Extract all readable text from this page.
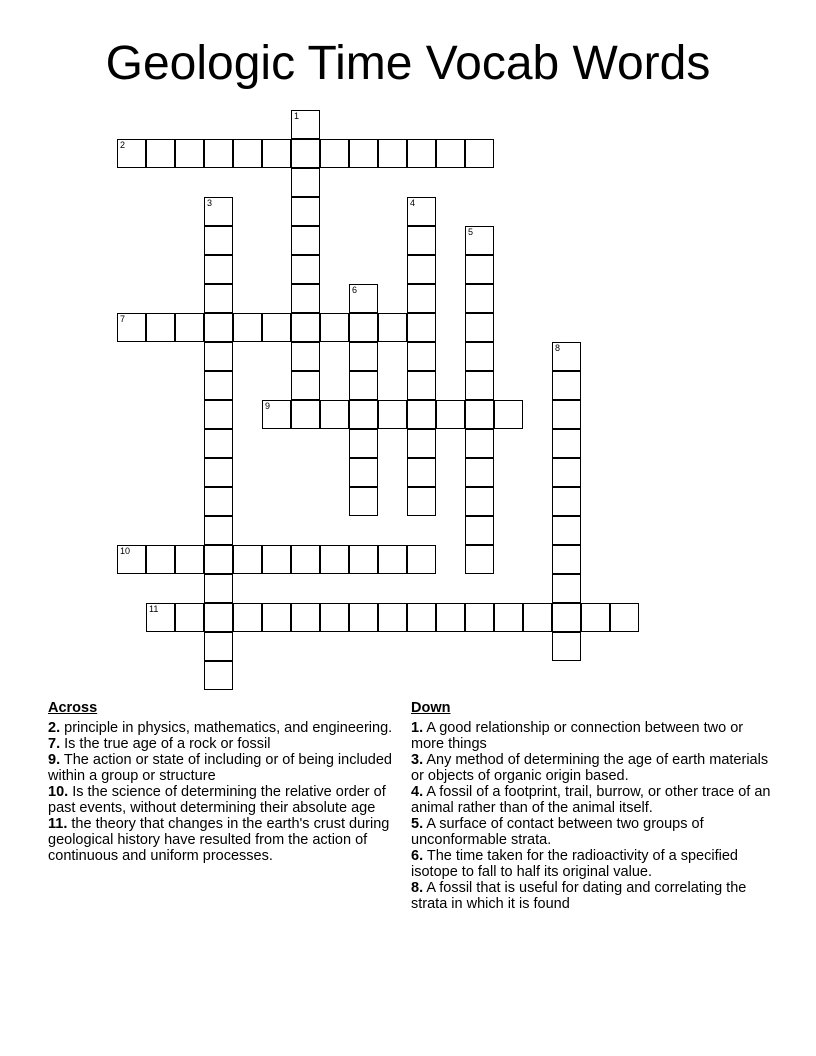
Geologic Time Vocab Words
1
2
3	4
5
6
7
8
9
10
11
Across
2. principle in physics, mathematics, and engineering.
7. Is the true age of a rock or fossil
9. The action or state of including or of being included within a group or structure
10. Is the science of determining the relative order of past events, without determining their absolute age
11. the theory that changes in the earth's crust during geological history have resulted from the action of continuous and uniform processes.
Down
1. A good relationship or connection between two or more things
3. Any method of determining the age of earth materials or objects of organic origin based.
4. A fossil of a footprint, trail, burrow, or other trace of an animal rather than of the animal itself.
5. A surface of contact between two groups of unconformable strata.
6. The time taken for the radioactivity of a specified isotope to fall to half its original value.
8. A fossil that is useful for dating and correlating the strata in which it is found
